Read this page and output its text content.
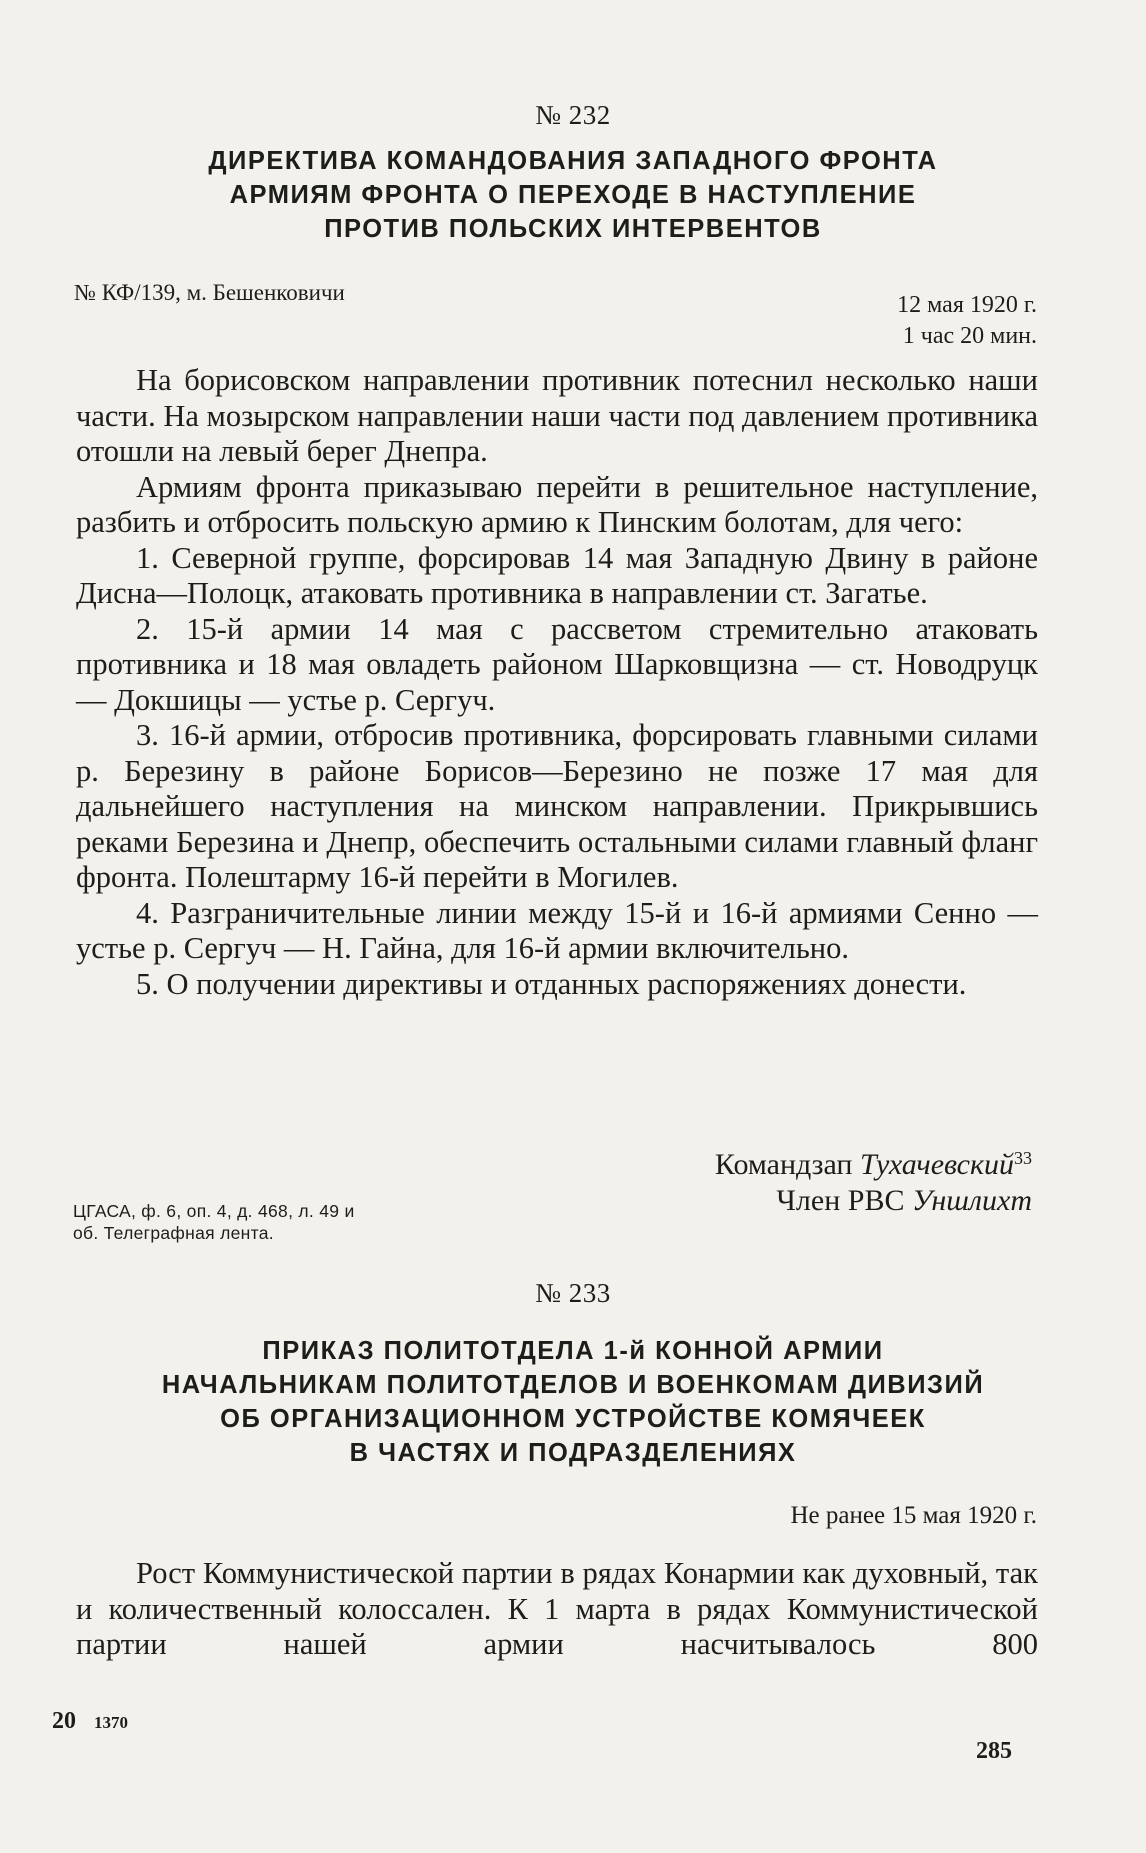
№ 232
ДИРЕКТИВА КОМАНДОВАНИЯ ЗАПАДНОГО ФРОНТА
АРМИЯМ ФРОНТА О ПЕРЕХОДЕ В НАСТУПЛЕНИЕ
ПРОТИВ ПОЛЬСКИХ ИНТЕРВЕНТОВ
№ КФ/139, м. Бешенковичи	12 мая 1920 г.
1 час 20 мин.

На борисовском направлении противник потеснил несколько наши части. На мозырском направлении наши части под давлением противника отошли на левый берег Днепра.

Армиям фронта приказываю перейти в решительное наступление, разбить и отбросить польскую армию к Пинским болотам, для чего:

1. Северной группе, форсировав 14 мая Западную Двину в районе Дисна—Полоцк, атаковать противника в направлении ст. Загатье.

2. 15-й армии 14 мая с рассветом стремительно атаковать противника и 18 мая овладеть районом Шарковщизна — ст. Новодруцк — Докшицы — устье р. Сергуч.

3. 16-й армии, отбросив противника, форсировать главными силами р. Березину в районе Борисов—Березино не позже 17 мая для дальнейшего наступления на минском направлении. Прикрывшись реками Березина и Днепр, обеспечить остальными силами главный фланг фронта. Полештарму 16-й перейти в Могилев.

4. Разграничительные линии между 15-й и 16-й армиями Сенно — устье р. Сергуч — Н. Гайна, для 16-й армии включительно.

5. О получении директивы и отданных распоряжениях донести.

Командзап Тухачевский$^{33}$
Член РВС Уншлихт
ЦГАСА, ф. 6, оп. 4, д. 468, л. 49 и
об. Телеграфная лента.
№ 233
ПРИКАЗ ПОЛИТОТДЕЛА 1-й КОННОЙ АРМИИ
НАЧАЛЬНИКАМ ПОЛИТОТДЕЛОВ И ВОЕНКОМАМ ДИВИЗИЙ
ОБ ОРГАНИЗАЦИОННОМ УСТРОЙСТВЕ КОМЯЧЕЕК
В ЧАСТЯХ И ПОДРАЗДЕЛЕНИЯХ
Не ранее 15 мая 1920 г.

Рост Коммунистической партии в рядах Конармии как духовный, так и количественный колоссален. К 1 марта в рядах Коммунистической партии нашей армии насчитывалось 800

20 1370
285
